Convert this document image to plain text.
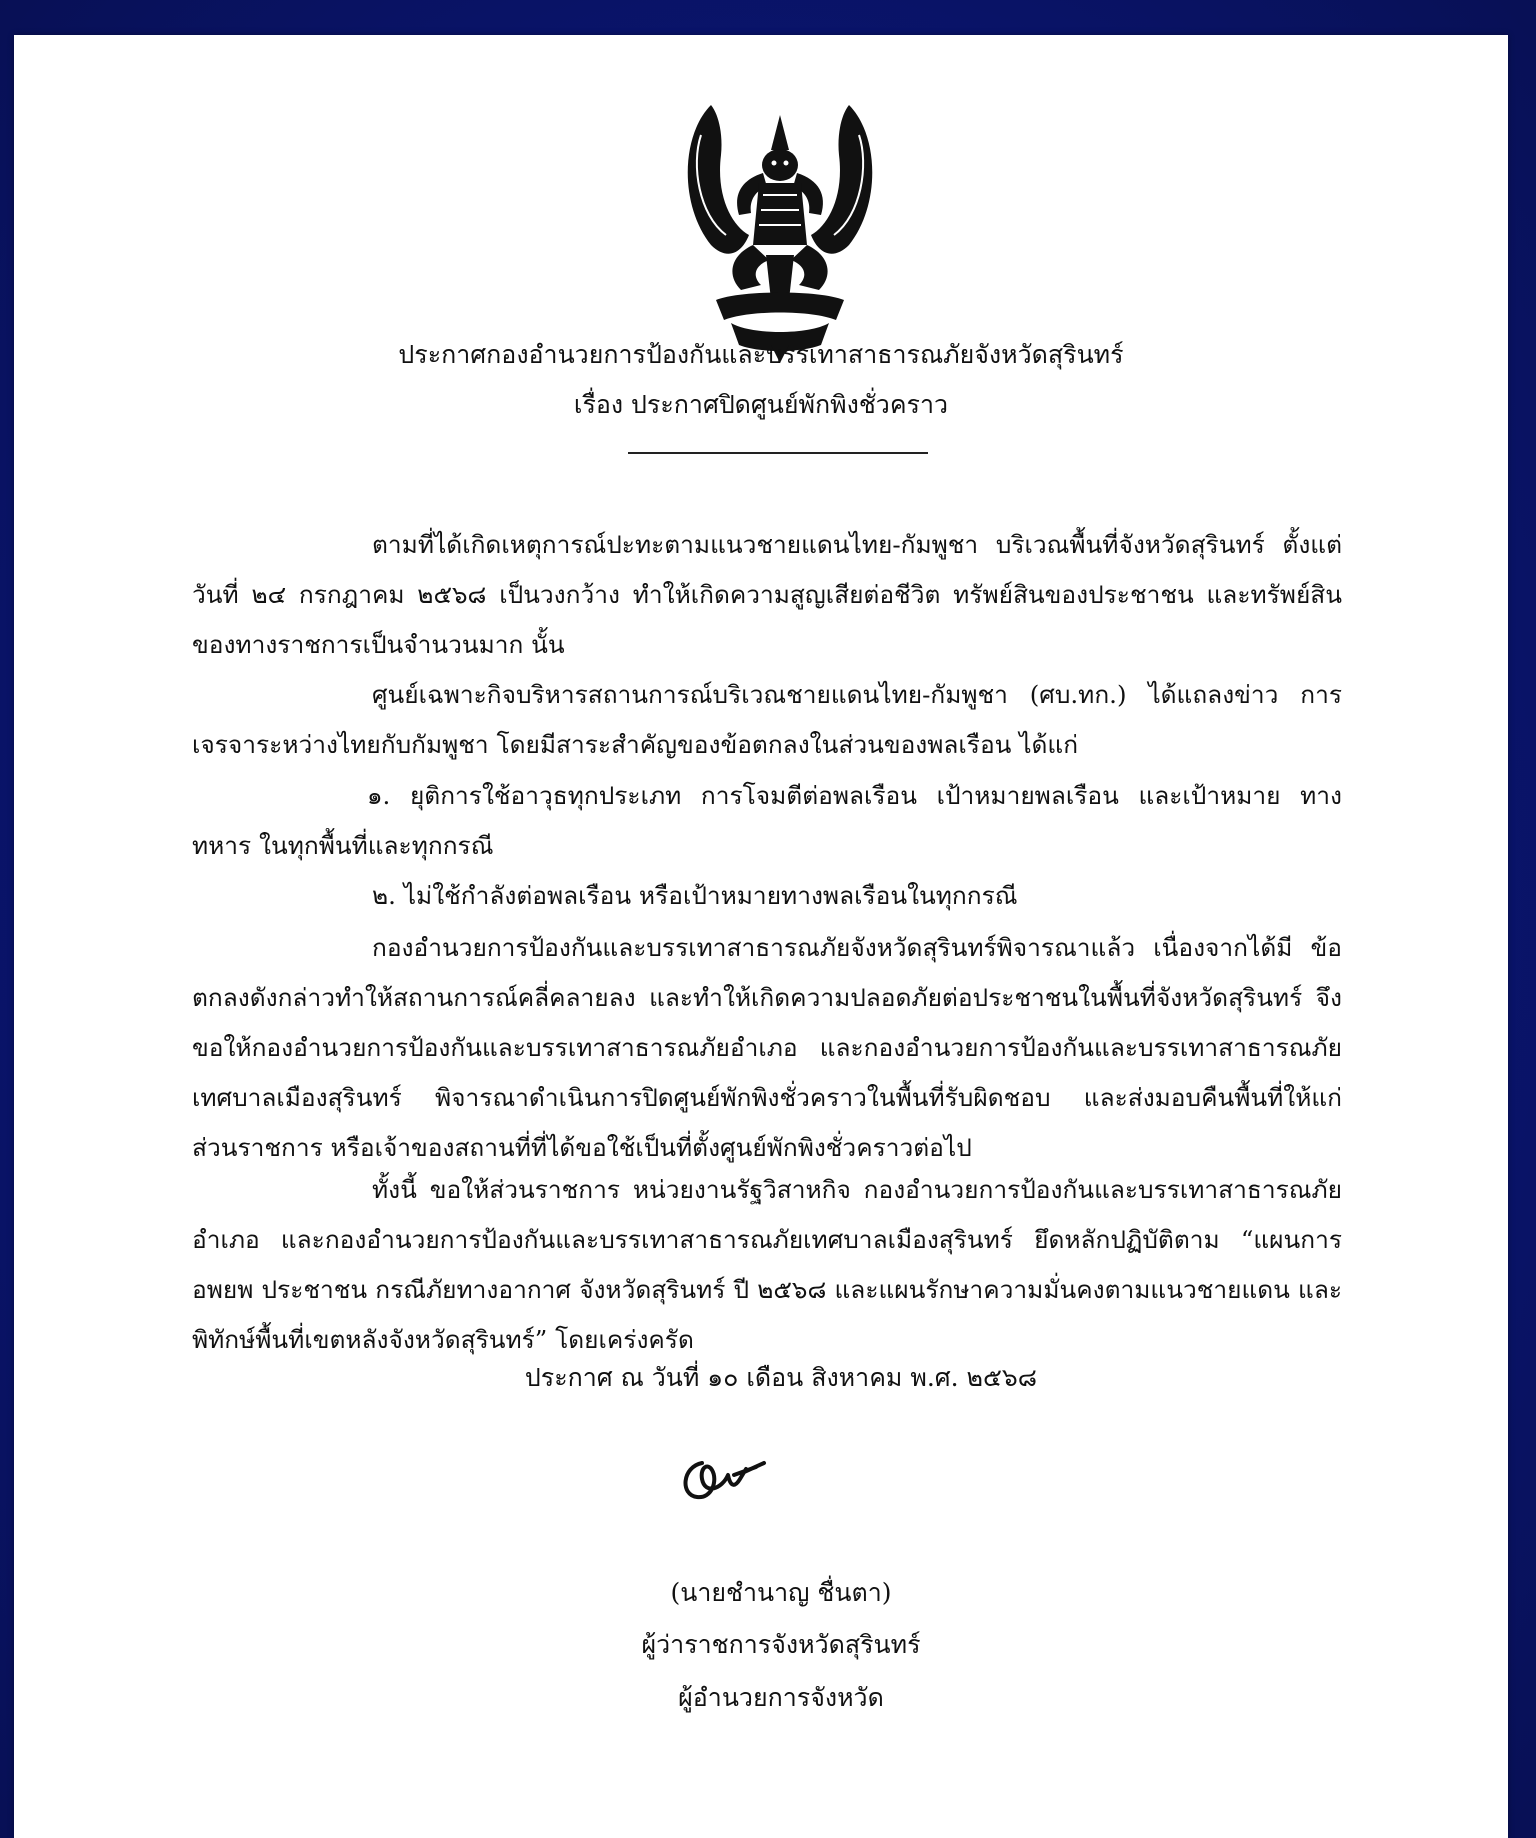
ประกาศกองอำนวยการป้องกันและบรรเทาสาธารณภัยจังหวัดสุรินทร์
เรื่อง ประกาศปิดศูนย์พักพิงชั่วคราว
ตามที่ได้เกิดเหตุการณ์ปะทะตามแนวชายแดนไทย-กัมพูชา บริเวณพื้นที่จังหวัดสุรินทร์ ตั้งแต่วันที่ ๒๔ กรกฎาคม ๒๕๖๘ เป็นวงกว้าง ทำให้เกิดความสูญเสียต่อชีวิต ทรัพย์สินของประชาชน และทรัพย์สินของทางราชการเป็นจำนวนมาก นั้น
ศูนย์เฉพาะกิจบริหารสถานการณ์บริเวณชายแดนไทย-กัมพูชา (ศบ.ทก.) ได้แถลงข่าว การเจรจาระหว่างไทยกับกัมพูชา โดยมีสาระสำคัญของข้อตกลงในส่วนของพลเรือน ได้แก่
๑. ยุติการใช้อาวุธทุกประเภท การโจมตีต่อพลเรือน เป้าหมายพลเรือน และเป้าหมาย ทางทหาร ในทุกพื้นที่และทุกกรณี
๒. ไม่ใช้กำลังต่อพลเรือน หรือเป้าหมายทางพลเรือนในทุกกรณี
กองอำนวยการป้องกันและบรรเทาสาธารณภัยจังหวัดสุรินทร์พิจารณาแล้ว เนื่องจากได้มี ข้อตกลงดังกล่าวทำให้สถานการณ์คลี่คลายลง และทำให้เกิดความปลอดภัยต่อประชาชนในพื้นที่จังหวัดสุรินทร์ จึงขอให้กองอำนวยการป้องกันและบรรเทาสาธารณภัยอำเภอ และกองอำนวยการป้องกันและบรรเทาสาธารณภัย เทศบาลเมืองสุรินทร์ พิจารณาดำเนินการปิดศูนย์พักพิงชั่วคราวในพื้นที่รับผิดชอบ และส่งมอบคืนพื้นที่ให้แก่ ส่วนราชการ หรือเจ้าของสถานที่ที่ได้ขอใช้เป็นที่ตั้งศูนย์พักพิงชั่วคราวต่อไป
ทั้งนี้ ขอให้ส่วนราชการ หน่วยงานรัฐวิสาหกิจ กองอำนวยการป้องกันและบรรเทาสาธารณภัยอำเภอ และกองอำนวยการป้องกันและบรรเทาสาธารณภัยเทศบาลเมืองสุรินทร์ ยึดหลักปฏิบัติตาม “แผนการอพยพ ประชาชน กรณีภัยทางอากาศ จังหวัดสุรินทร์ ปี ๒๕๖๘ และแผนรักษาความมั่นคงตามแนวชายแดน และพิทักษ์พื้นที่เขตหลังจังหวัดสุรินทร์” โดยเคร่งครัด
ประกาศ ณ วันที่ ๑๐ เดือน สิงหาคม พ.ศ. ๒๕๖๘
(นายชำนาญ ชื่นตา)
ผู้ว่าราชการจังหวัดสุรินทร์
ผู้อำนวยการจังหวัด
